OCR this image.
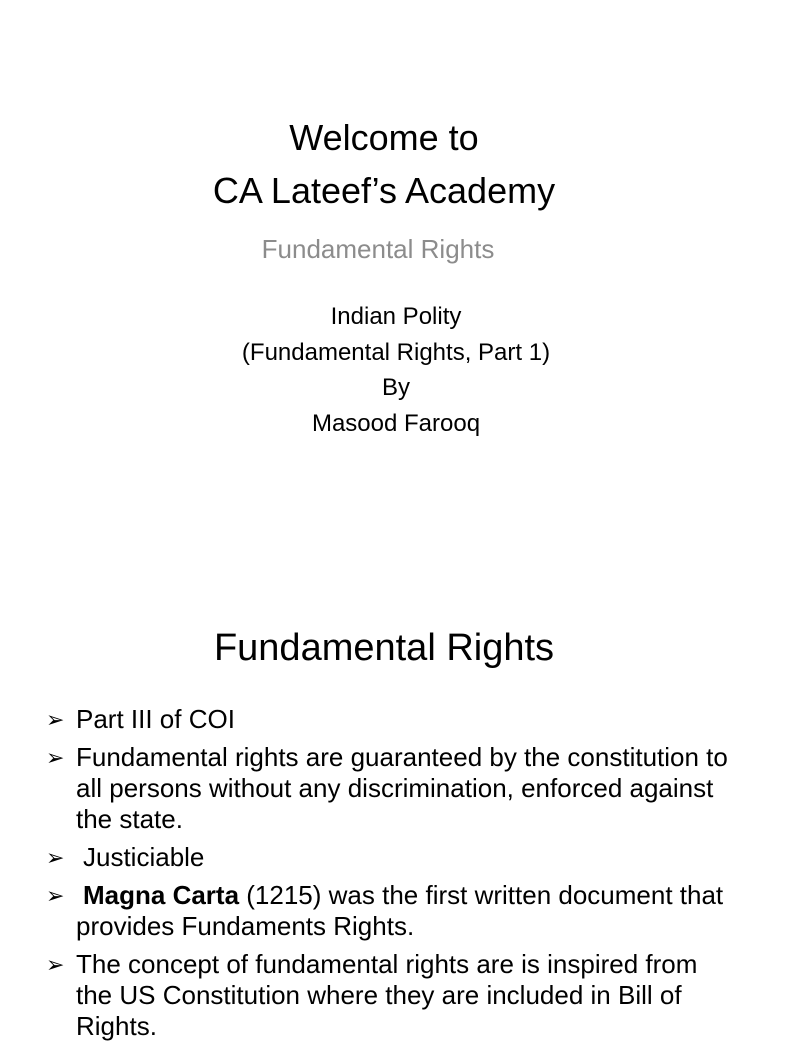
Welcome to
CA Lateef’s Academy
Fundamental Rights
Indian Polity
(Fundamental Rights, Part 1)
By
Masood Farooq
Fundamental Rights
➢ Part III of COI
➢ Fundamental rights are guaranteed by the constitution to all persons without any discrimination, enforced against the state.
➢ Justiciable
➢ Magna Carta (1215) was the first written document that provides Fundaments Rights.
➢ The concept of fundamental rights are is inspired from the US Constitution where they are included in Bill of Rights.
